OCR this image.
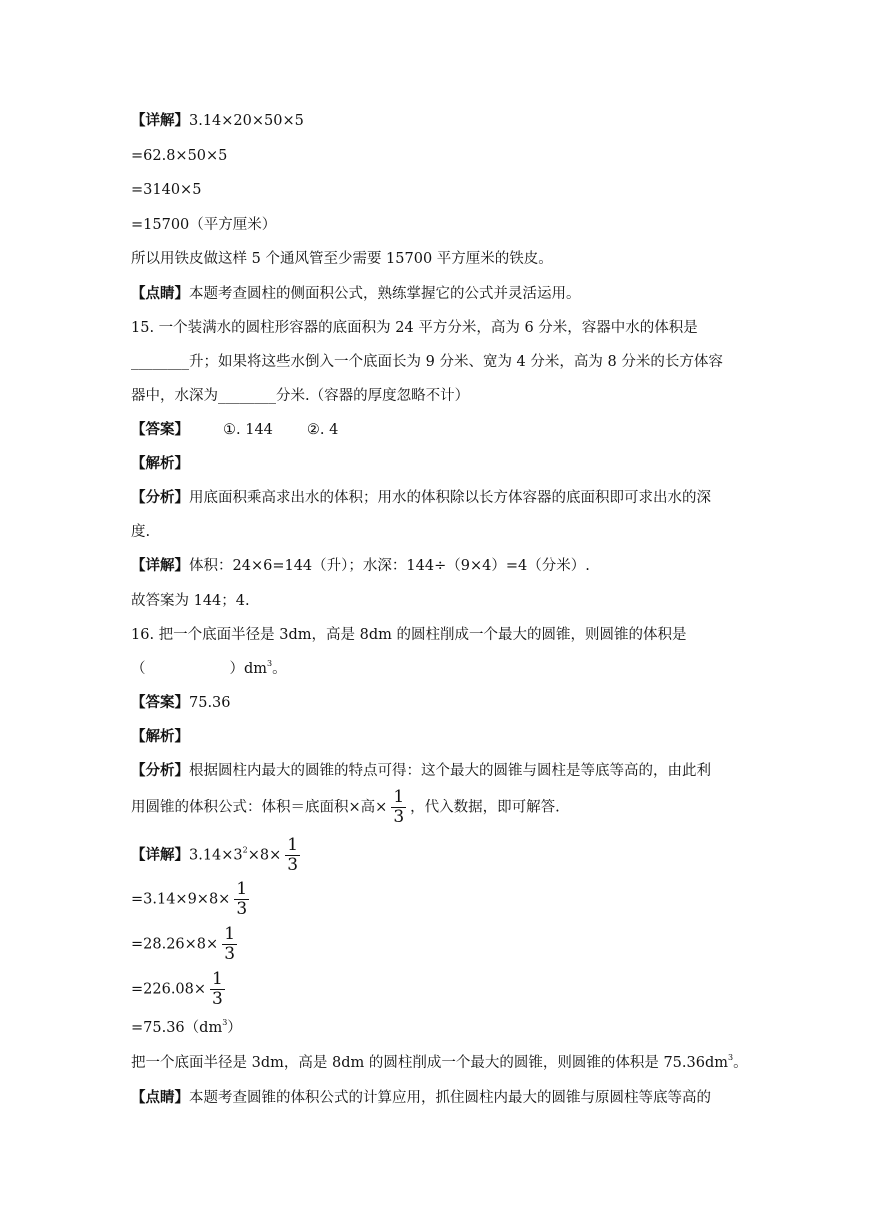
【详解】3.14×20×50×5
=62.8×50×5
=3140×5
=15700（平方厘米）
所以用铁皮做这样 5 个通风管至少需要 15700 平方厘米的铁皮。
【点睛】本题考查圆柱的侧面积公式，熟练掌握它的公式并灵活运用。
15. 一个装满水的圆柱形容器的底面积为 24 平方分米，高为 6 分米，容器中水的体积是
________升；如果将这些水倒入一个底面长为 9 分米、宽为 4 分米，高为 8 分米的长方体容
器中，水深为________分米.（容器的厚度忽略不计）
【答案】 ①. 144 ②. 4
【解析】
【分析】用底面积乘高求出水的体积；用水的体积除以长方体容器的底面积即可求出水的深
度.
【详解】体积：24×6=144（升）；水深：144÷（9×4）=4（分米）.
故答案为 144；4.
16. 把一个底面半径是 3dm，高是 8dm 的圆柱削成一个最大的圆锥，则圆锥的体积是
（	）$dm^3$。
【答案】75.36
【解析】
【分析】根据圆柱内最大的圆锥的特点可得：这个最大的圆锥与圆柱是等底等高的，由此利
用圆锥的体积公式：体积＝底面积×高× $\frac{1}{3}$ ，代入数据，即可解答.
【详解】$3.14\times 3^2\times 8\times \frac{1}{3}$
$=3.14\times 9\times 8\times \frac{1}{3}$
$=28.26\times 8\times \frac{1}{3}$
$=226.08\times \frac{1}{3}$
$=75.36(dm^3)$
把一个底面半径是 3dm，高是 8dm 的圆柱削成一个最大的圆锥，则圆锥的体积是 $75.36dm^3$。
【点睛】本题考查圆锥的体积公式的计算应用，抓住圆柱内最大的圆锥与原圆柱等底等高的
